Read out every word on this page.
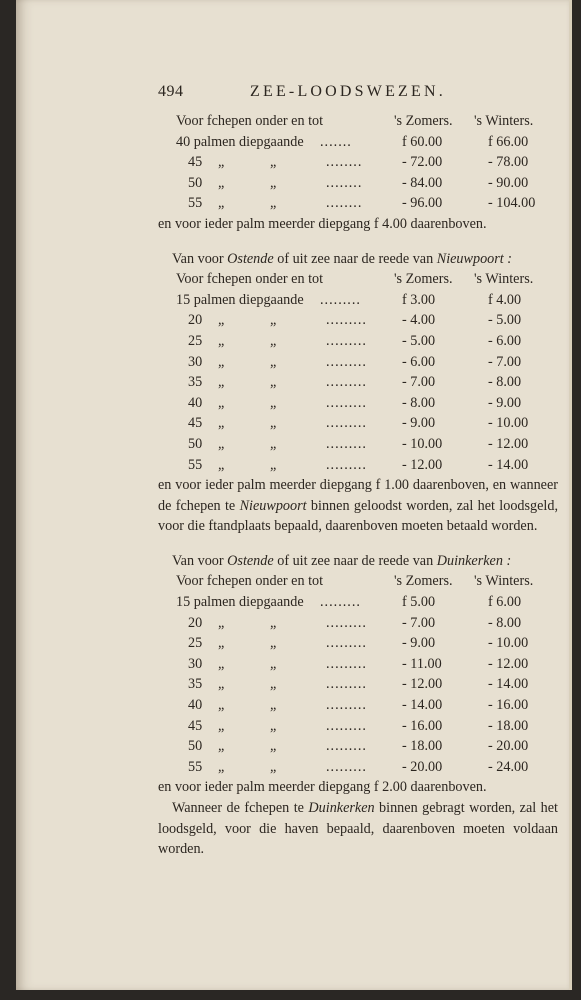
494	ZEE-LOODSWEZEN.
Voor fchepen onder en tot	's Zomers. 's Winters.
40 palmen diepgaande .......	f 60.00	f 66.00
45 „	„	........	- 72.00	- 78.00
50 „	„	........	- 84.00	- 90.00
55 „	„	........	- 96.00	- 104.00

en voor ieder palm meerder diepgang f 4.00 daarenboven.

Van voor Ostende of uit zee naar de reede van Nieuwpoort :

Voor fchepen onder en tot	's Zomers. 's Winters.
15 palmen diepgaande .........	f 3.00	f 4.00
20 „	„	......... - 4.00	- 5.00
25 „	„	......... - 5.00	- 6.00
30 „	„	......... - 6.00	- 7.00
35 „	„	......... - 7.00	- 8.00
40 „	„	......... - 8.00	- 9.00
45 „	„	......... - 9.00	- 10.00
50 „	„	......... - 10.00	- 12.00
55 „	„	......... - 12.00	- 14.00

en voor ieder palm meerder diepgang f 1.00 daarenboven, en wanneer de fchepen te Nieuwpoort binnen geloodst worden, zal het loodsgeld, voor die ftandplaats bepaald, daarenboven moeten betaald worden.

Van voor Ostende of uit zee naar de reede van Duinkerken :

Voor fchepen onder en tot	's Zomers. 's Winters.
15 palmen diepgaande .........	f 5.00	f 6.00
20 „	„	......... - 7.00	- 8.00
25 „	„	......... - 9.00	- 10.00
30 „	„	......... - 11.00	- 12.00
35 „	„	......... - 12.00	- 14.00
40 „	„	......... - 14.00	- 16.00
45 „	„	......... - 16.00	- 18.00
50 „	„	......... - 18.00	- 20.00
55 „	„	......... - 20.00	- 24.00

en voor ieder palm meerder diepgang f 2.00 daarenboven.

Wanneer de fchepen te Duinkerken binnen gebragt worden, zal het loodsgeld, voor die haven bepaald, daarenboven moeten voldaan worden.
